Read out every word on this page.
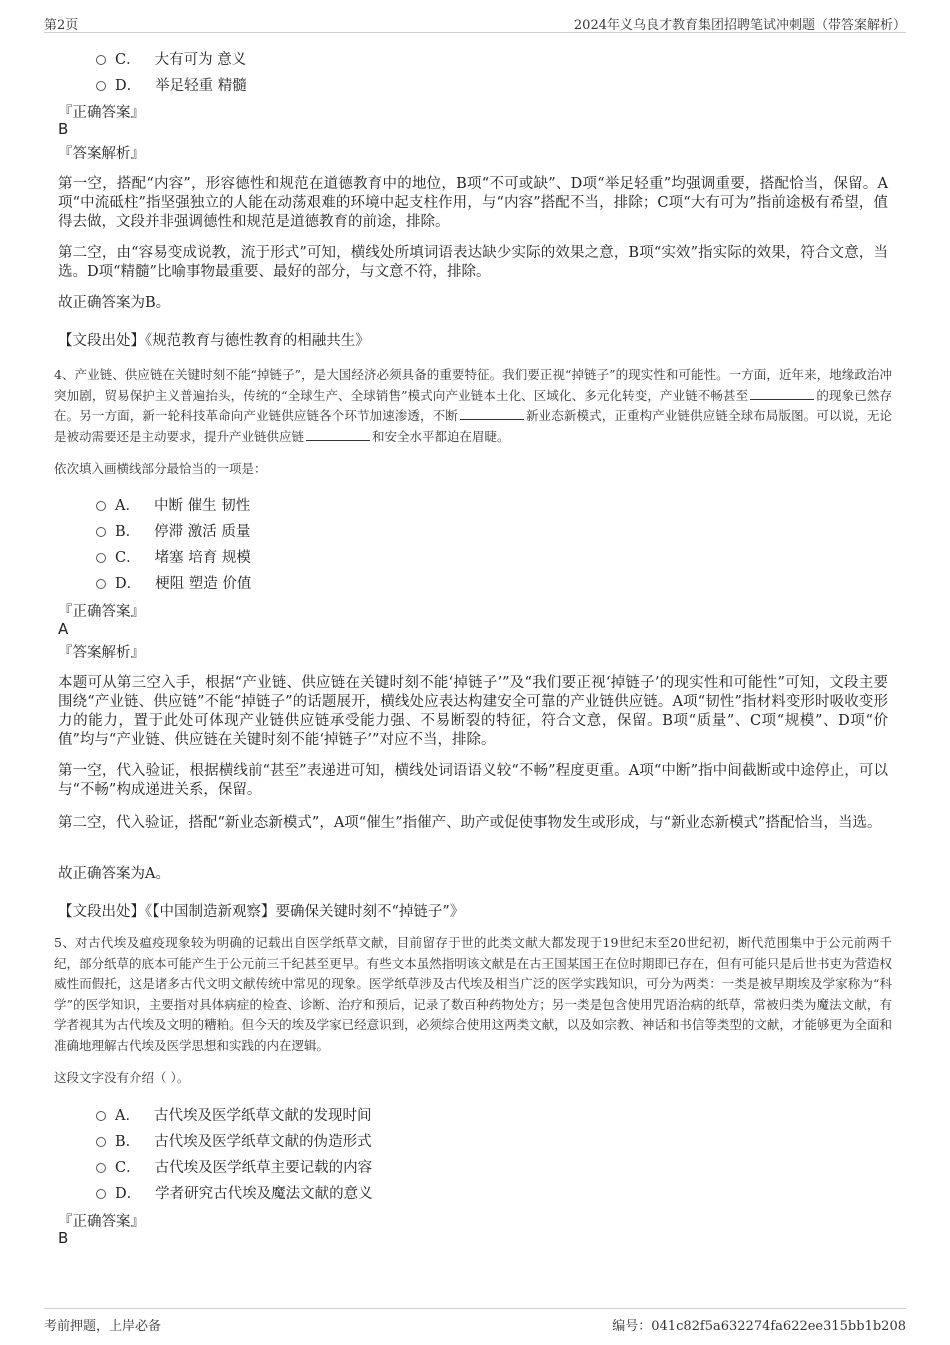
第2页	2024年义乌良才教育集团招聘笔试冲刺题（带答案解析）
C． 大有可为 意义
D． 举足轻重 精髓
『正确答案』
B
『答案解析』
第一空，搭配“内容”，形容德性和规范在道德教育中的地位，B项“不可或缺”、D项“举足轻重”均强调重要，搭配恰当，保留。A项“中流砥柱”指坚强独立的人能在动荡艰难的环境中起支柱作用，与“内容”搭配不当，排除；C项“大有可为”指前途极有希望，值得去做，文段并非强调德性和规范是道德教育的前途，排除。
第二空，由“容易变成说教，流于形式”可知，横线处所填词语表达缺少实际的效果之意，B项“实效”指实际的效果，符合文意，当选。D项“精髓”比喻事物最重要、最好的部分，与文意不符，排除。
故正确答案为B。
【文段出处】《规范教育与德性教育的相融共生》
4、产业链、供应链在关键时刻不能“掉链子”，是大国经济必须具备的重要特征。我们要正视“掉链子”的现实性和可能性。一方面，近年来，地缘政治冲突加剧，贸易保护主义普遍抬头，传统的“全球生产、全球销售”模式向产业链本土化、区域化、多元化转变，产业链不畅甚至	的现象已然存在。另一方面，新一轮科技革命向产业链供应链各个环节加速渗透，不断	新业态新模式，正重构产业链供应链全球布局版图。可以说，无论是被动需要还是主动要求，提升产业链供应链	和安全水平都迫在眉睫。
依次填入画横线部分最恰当的一项是：
A． 中断 催生 韧性
B． 停滞 激活 质量
C． 堵塞 培育 规模
D． 梗阻 塑造 价值
『正确答案』
A
『答案解析』
本题可从第三空入手，根据“产业链、供应链在关键时刻不能‘掉链子’”及“我们要正视‘掉链子’的现实性和可能性”可知，文段主要围绕“产业链、供应链”不能“掉链子”的话题展开，横线处应表达构建安全可靠的产业链供应链。A项“韧性”指材料变形时吸收变形力的能力，置于此处可体现产业链供应链承受能力强、不易断裂的特征，符合文意，保留。B项“质量”、C项“规模”、D项“价值”均与“产业链、供应链在关键时刻不能‘掉链子’”对应不当，排除。
第一空，代入验证，根据横线前“甚至”表递进可知，横线处词语语义较“不畅”程度更重。A项“中断”指中间截断或中途停止，可以与“不畅”构成递进关系，保留。
第二空，代入验证，搭配“新业态新模式”，A项“催生”指催产、助产或促使事物发生或形成，与“新业态新模式”搭配恰当，当选。
故正确答案为A。
【文段出处】《【中国制造新观察】要确保关键时刻不“掉链子”》
5、对古代埃及瘟疫现象较为明确的记载出自医学纸草文献，目前留存于世的此类文献大都发现于19世纪末至20世纪初，断代范围集中于公元前两千纪，部分纸草的底本可能产生于公元前三千纪甚至更早。有些文本虽然指明该文献是在古王国某国王在位时期即已存在，但有可能只是后世书吏为营造权威性而假托，这是诸多古代文明文献传统中常见的现象。医学纸草涉及古代埃及相当广泛的医学实践知识，可分为两类：一类是被早期埃及学家称为“科学”的医学知识，主要指对具体病症的检查、诊断、治疗和预后，记录了数百种药物处方；另一类是包含使用咒语治病的纸草，常被归类为魔法文献，有学者视其为古代埃及文明的糟粕。但今天的埃及学家已经意识到，必须综合使用这两类文献，以及如宗教、神话和书信等类型的文献，才能够更为全面和准确地理解古代埃及医学思想和实践的内在逻辑。
这段文字没有介绍（ ）。
A． 古代埃及医学纸草文献的发现时间
B． 古代埃及医学纸草文献的伪造形式
C． 古代埃及医学纸草主要记载的内容
D． 学者研究古代埃及魔法文献的意义
『正确答案』
B
考前押题，上岸必备	编号：041c82f5a632274fa622ee315bb1b208
